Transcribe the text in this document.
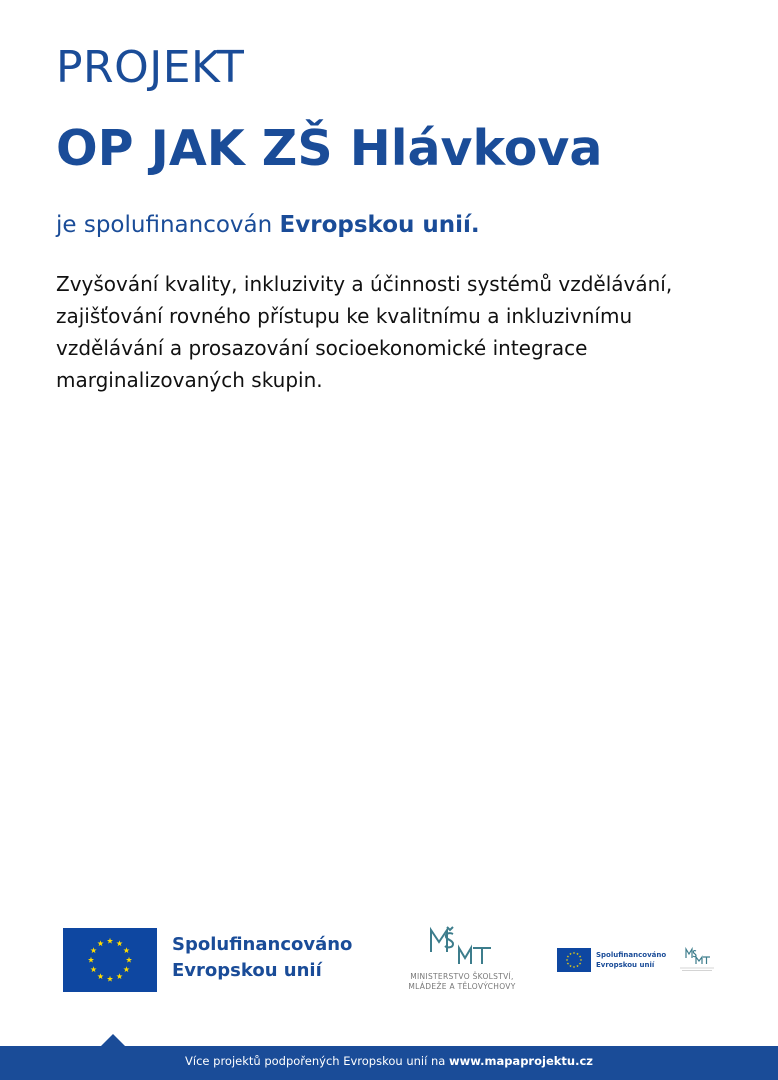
PROJEKT
OP JAK ZŠ Hlávkova
je spolufinancován Evropskou unií.
Zvyšování kvality, inkluzivity a účinnosti systémů vzdělávání,
zajišťování rovného přístupu ke kvalitnímu a inkluzivnímu
vzdělávání a prosazování socioekonomické integrace
marginalizovaných skupin.
Spolufinancováno
Evropskou unií	MINISTERSTVO ŠKOLSTVÍ,
MLÁDEŽE A TĚLOVÝCHOVY
Spolufinancováno
Evropskou unií
Více projektů podpořených Evropskou unií na www.mapaprojektu.cz
